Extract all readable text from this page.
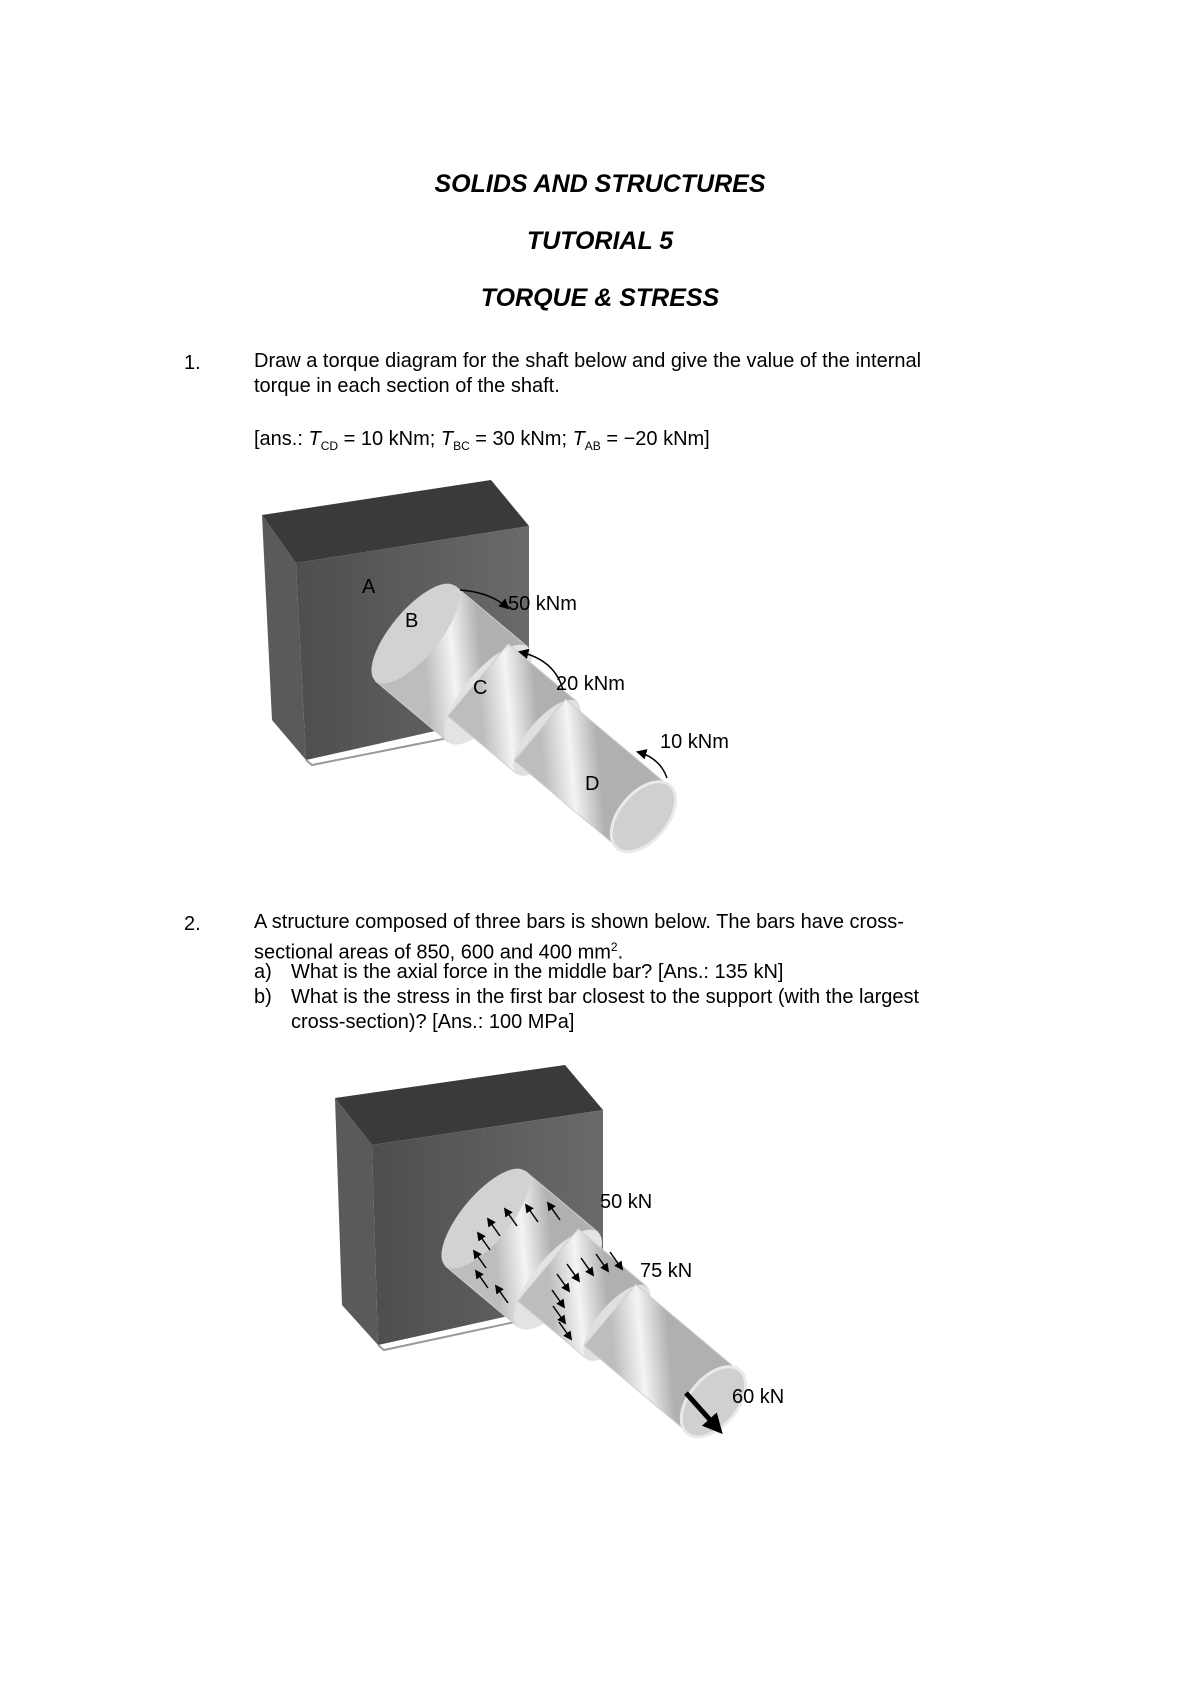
SOLIDS AND STRUCTURES
TUTORIAL 5
TORQUE & STRESS
1.	Draw a torque diagram for the shaft below and give the value of the internal

torque in each section of the shaft.

[ans.: $T_{CD} = 10$ kNm; $T_{BC} = 30$ kNm; $T_{AB} = -20$ kNm]
A
B
C
D
50 kNm
20 kNm
10 kNm
2.	A structure composed of three bars is shown below. The bars have cross-

sectional areas of 850, 600 and 400 $mm^2$.

a) What is the axial force in the middle bar? [Ans.: 135 kN]
b) What is the stress in the first bar closest to the support (with the largest
cross-section)? [Ans.: 100 MPa]
50 kN
75 kN
60 kN
